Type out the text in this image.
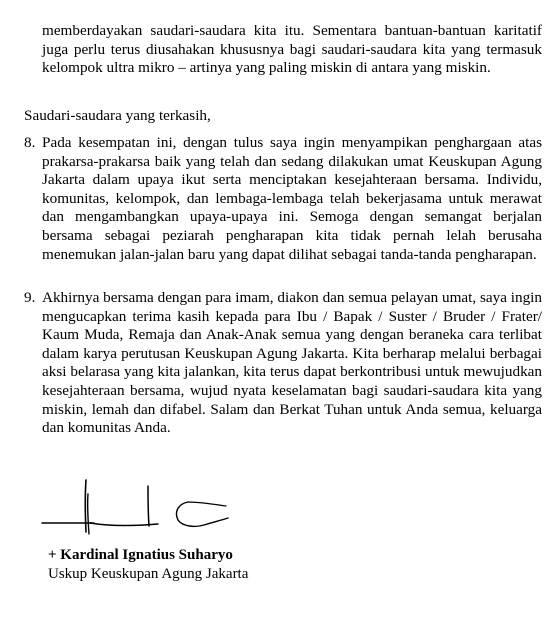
memberdayakan saudari-saudara kita itu. Sementara bantuan-bantuan karitatif juga perlu terus diusahakan khususnya bagi saudari-saudara kita yang termasuk kelompok ultra mikro – artinya yang paling miskin di antara yang miskin.

Saudari-saudara yang terkasih,

8. Pada kesempatan ini, dengan tulus saya ingin menyampikan penghargaan atas prakarsa-prakarsa baik yang telah dan sedang dilakukan umat Keuskupan Agung Jakarta dalam upaya ikut serta menciptakan kesejahteraan bersama. Individu, komunitas, kelompok, dan lembaga-lembaga telah bekerjasama untuk merawat dan mengambangkan upaya-upaya ini. Semoga dengan semangat berjalan bersama sebagai peziarah pengharapan kita tidak pernah lelah berusaha menemukan jalan-jalan baru yang dapat dilihat sebagai tanda-tanda pengharapan.
9. Akhirnya bersama dengan para imam, diakon dan semua pelayan umat, saya ingin mengucapkan terima kasih kepada para Ibu / Bapak / Suster / Bruder / Frater/ Kaum Muda, Remaja dan Anak-Anak semua yang dengan beraneka cara terlibat dalam karya perutusan Keuskupan Agung Jakarta. Kita berharap melalui berbagai aksi belarasa yang kita jalankan, kita terus dapat berkontribusi untuk mewujudkan kesejahteraan bersama, wujud nyata keselamatan bagi saudari-saudara kita yang miskin, lemah dan difabel. Salam dan Berkat Tuhan untuk Anda semua, keluarga dan komunitas Anda.

+ Kardinal Ignatius Suharyo

Uskup Keuskupan Agung Jakarta
